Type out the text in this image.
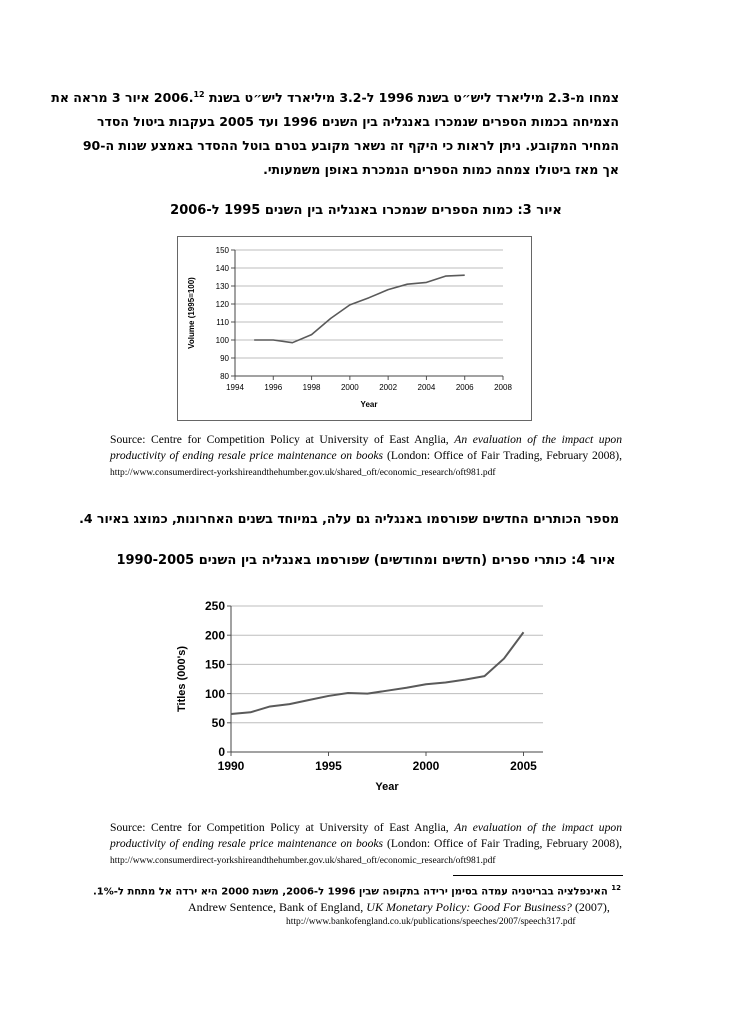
צמחו מ-2.3 מיליארד ליש״ט בשנת 1996 ל-3.2 מיליארד ליש״ט בשנת 2006.12 איור 3 מראה את
הצמיחה בכמות הספרים שנמכרו באנגליה בין השנים 1996 ועד 2005 בעקבות ביטול הסדר
המחיר המקובע. ניתן לראות כי היקף זה נשאר מקובע בטרם בוטל ההסדר באמצע שנות ה-90
אך מאז ביטולו צמחה כמות הספרים הנמכרת באופן משמעותי.
איור 3: כמות הספרים שנמכרו באנגליה בין השנים 1995 ל-2006
80
90
100
110
120
130
140
150
1994	1996	1998	2000	2002	2004	2006	2008
Year
Volume (1995=100)
Source: Centre for Competition Policy at University of East Anglia, An evaluation of the impact upon productivity of ending resale price maintenance on books (London: Office of Fair Trading, February 2008), http://www.consumerdirect-yorkshireandthehumber.gov.uk/shared_oft/economic_research/oft981.pdf
מספר הכותרים החדשים שפורסמו באנגליה גם עלה, במיוחד בשנים האחרונות, כמוצג באיור 4.
איור 4: כותרי ספרים (חדשים ומחודשים) שפורסמו באנגליה בין השנים 1990-2005
0
50
100
150
200
250
1990	1995	2000	2005
Year
Titles (000's)
Source: Centre for Competition Policy at University of East Anglia, An evaluation of the impact upon productivity of ending resale price maintenance on books (London: Office of Fair Trading, February 2008), http://www.consumerdirect-yorkshireandthehumber.gov.uk/shared_oft/economic_research/oft981.pdf
$^{12}$ האינפלציה בבריטניה עמדה בסימן ירידה בתקופה שבין 1996 ל-2006, משנת 2000 היא ירדה אל מתחת ל-1%.
Andrew Sentence, Bank of England, UK Monetary Policy: Good For Business? (2007),
http://www.bankofengland.co.uk/publications/speeches/2007/speech317.pdf
